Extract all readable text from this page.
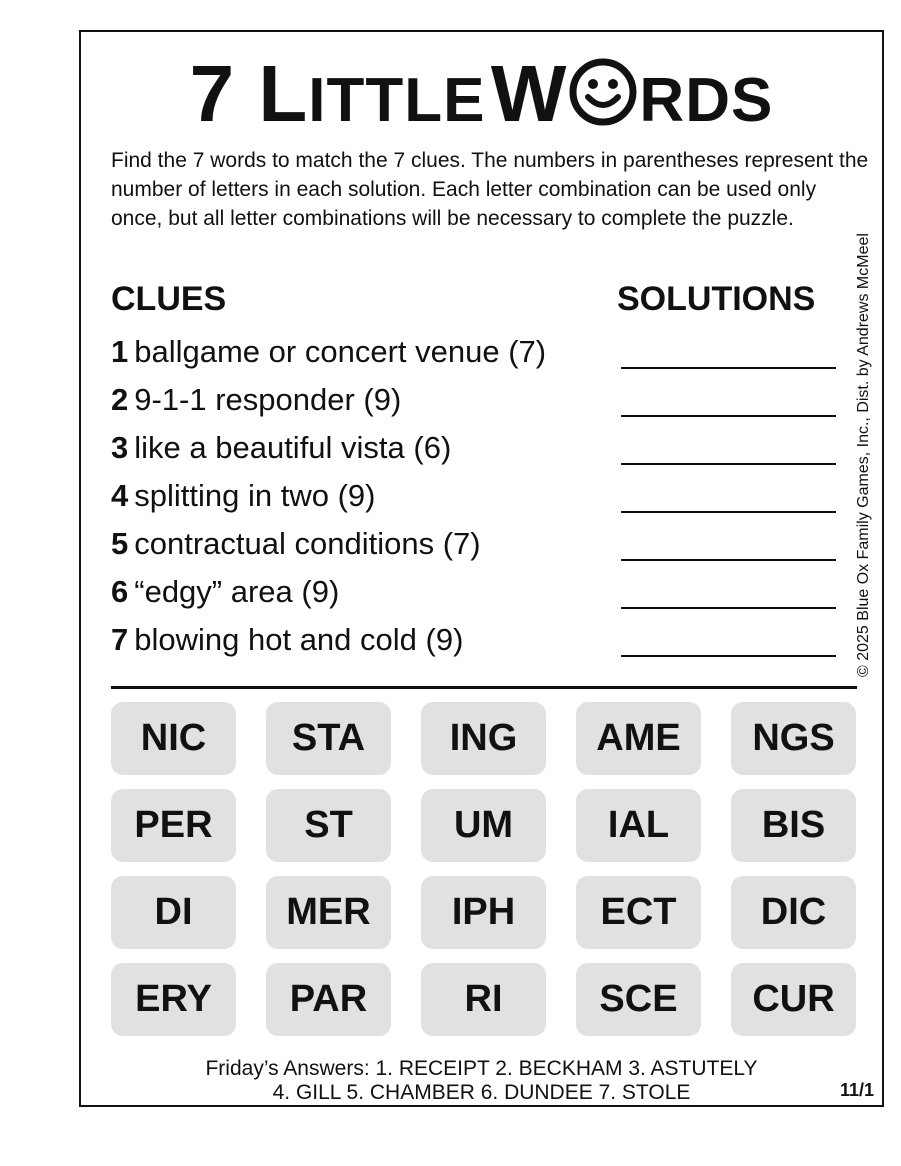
7 LITTLE W RDS
Find the 7 words to match the 7 clues. The numbers in parentheses represent the number of letters in each solution. Each letter combination can be used only once, but all letter combinations will be necessary to complete the puzzle.
CLUES	SOLUTIONS
1 ballgame or concert venue (7)
2 9-1-1 responder (9)
3 like a beautiful vista (6)
4 splitting in two (9)
5 contractual conditions (7)
6 “edgy” area (9)
7 blowing hot and cold (9)	© 2025 Blue Ox Family Games, Inc., Dist. by Andrews McMeel
NIC	STA	ING	AME	NGS
PER	ST	UM	IAL	BIS
DI	MER	IPH	ECT	DIC
ERY	PAR	RI	SCE	CUR
Friday’s Answers: 1. RECEIPT 2. BECKHAM 3. ASTUTELY
4. GILL 5. CHAMBER 6. DUNDEE 7. STOLE	11/1
